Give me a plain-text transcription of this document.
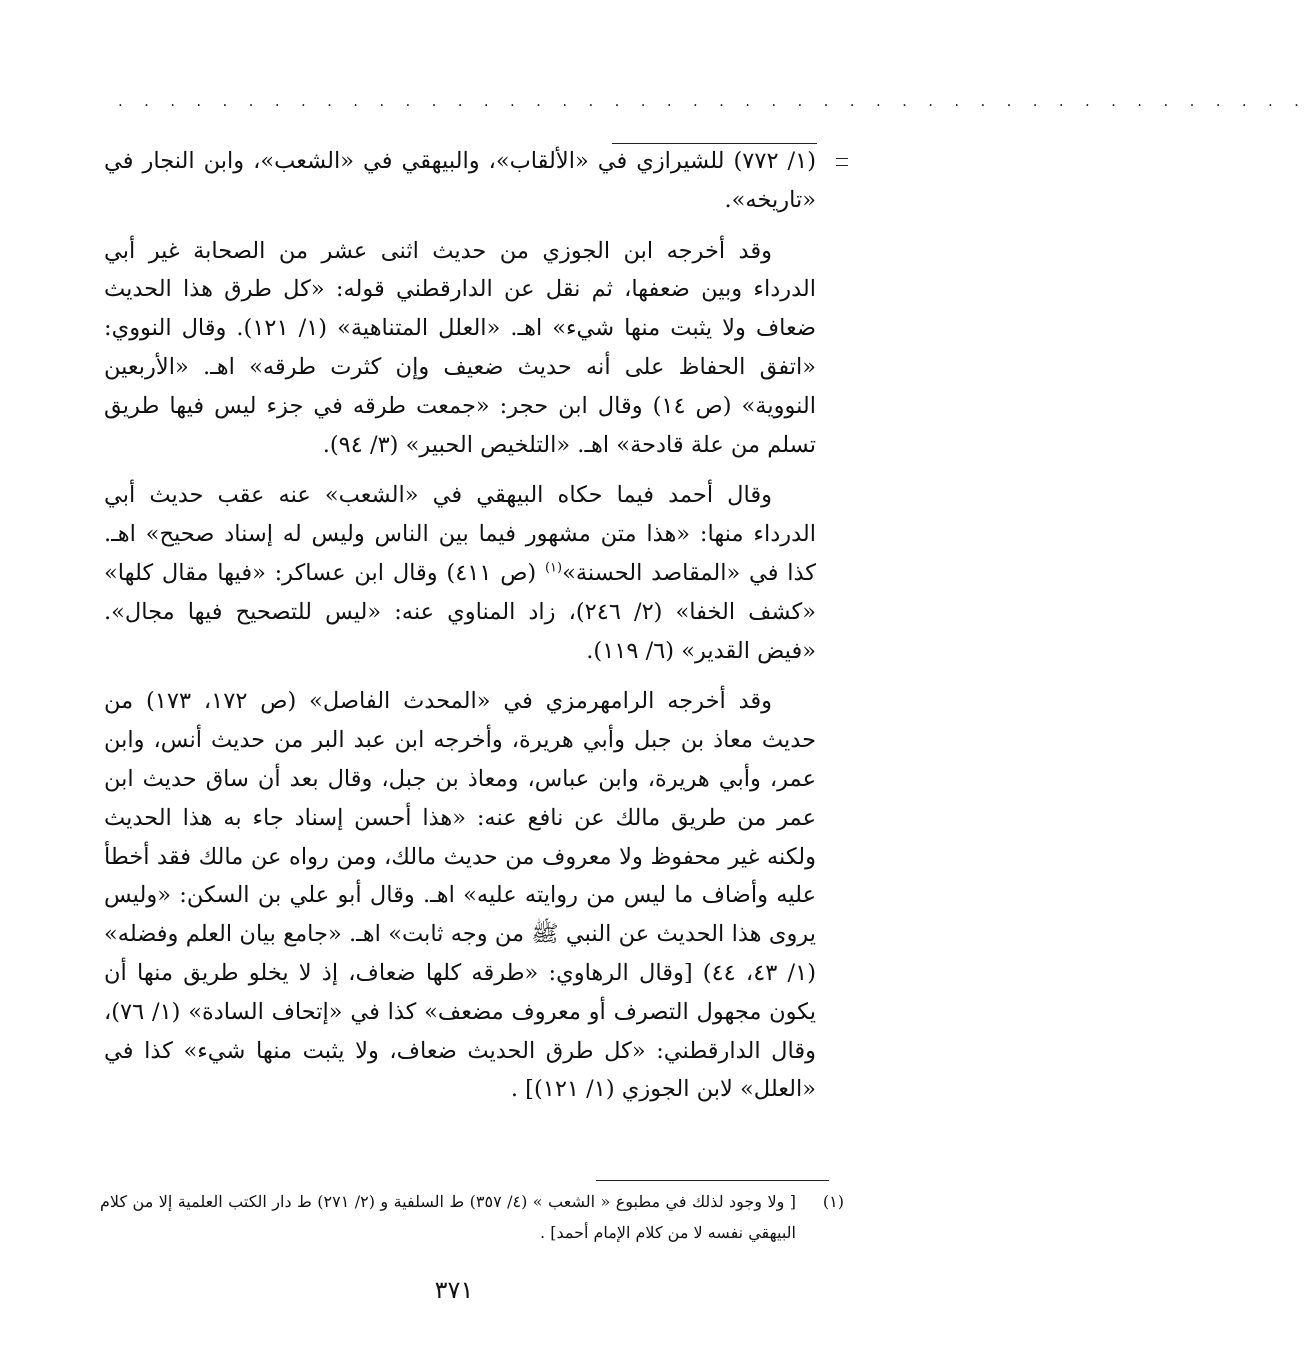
. . . . . . . . . . . . . . . . . . . . . . . . . . . . . . . . . . . . . . . . . . . . . .

(١/ ٧٧٢) للشيرازي في «الألقاب»، والبيهقي في «الشعب»، وابن النجار في «تاريخه».

وقد أخرجه ابن الجوزي من حديث اثنى عشر من الصحابة غير أبي الدرداء وبين ضعفها، ثم نقل عن الدارقطني قوله: «كل طرق هذا الحديث ضعاف ولا يثبت منها شيء» اهـ. «العلل المتناهية» (١/ ١٢١). وقال النووي: «اتفق الحفاظ على أنه حديث ضعيف وإن كثرت طرقه» اهـ. «الأربعين النووية» (ص ١٤) وقال ابن حجر: «جمعت طرقه في جزء ليس فيها طريق تسلم من علة قادحة» اهـ. «التلخيص الحبير» (٣/ ٩٤).

وقال أحمد فيما حكاه البيهقي في «الشعب» عنه عقب حديث أبي الدرداء منها: «هذا متن مشهور فيما بين الناس وليس له إسناد صحيح» اهـ. كذا في «المقاصد الحسنة»$^{(١)}$ (ص ٤١١) وقال ابن عساكر: «فيها مقال كلها» «كشف الخفا» (٢/ ٢٤٦)، زاد المناوي عنه: «ليس للتصحيح فيها مجال». «فيض القدير» (٦/ ١١٩).

وقد أخرجه الرامهرمزي في «المحدث الفاصل» (ص ١٧٢، ١٧٣) من حديث معاذ بن جبل وأبي هريرة، وأخرجه ابن عبد البر من حديث أنس، وابن عمر، وأبي هريرة، وابن عباس، ومعاذ بن جبل، وقال بعد أن ساق حديث ابن عمر من طريق مالك عن نافع عنه: «هذا أحسن إسناد جاء به هذا الحديث ولكنه غير محفوظ ولا معروف من حديث مالك، ومن رواه عن مالك فقد أخطأ عليه وأضاف ما ليس من روايته عليه» اهـ. وقال أبو علي بن السكن: «وليس يروى هذا الحديث عن النبي ﷺ من وجه ثابت» اهـ. «جامع بيان العلم وفضله» (١/ ٤٣، ٤٤) [وقال الرهاوي: «طرقه كلها ضعاف، إذ لا يخلو طريق منها أن يكون مجهول التصرف أو معروف مضعف» كذا في «إتحاف السادة» (١/ ٧٦)، وقال الدارقطني: «كل طرق الحديث ضعاف، ولا يثبت منها شيء» كذا في «العلل» لابن الجوزي (١/ ١٢١)] .

(١)
[ ولا وجود لذلك في مطبوع « الشعب » (٤/ ٣٥٧) ط السلفية و (٢/ ٢٧١) ط دار الكتب العلمية إلا من كلام البيهقي نفسه لا من كلام الإمام أحمد] .
٣٧١
